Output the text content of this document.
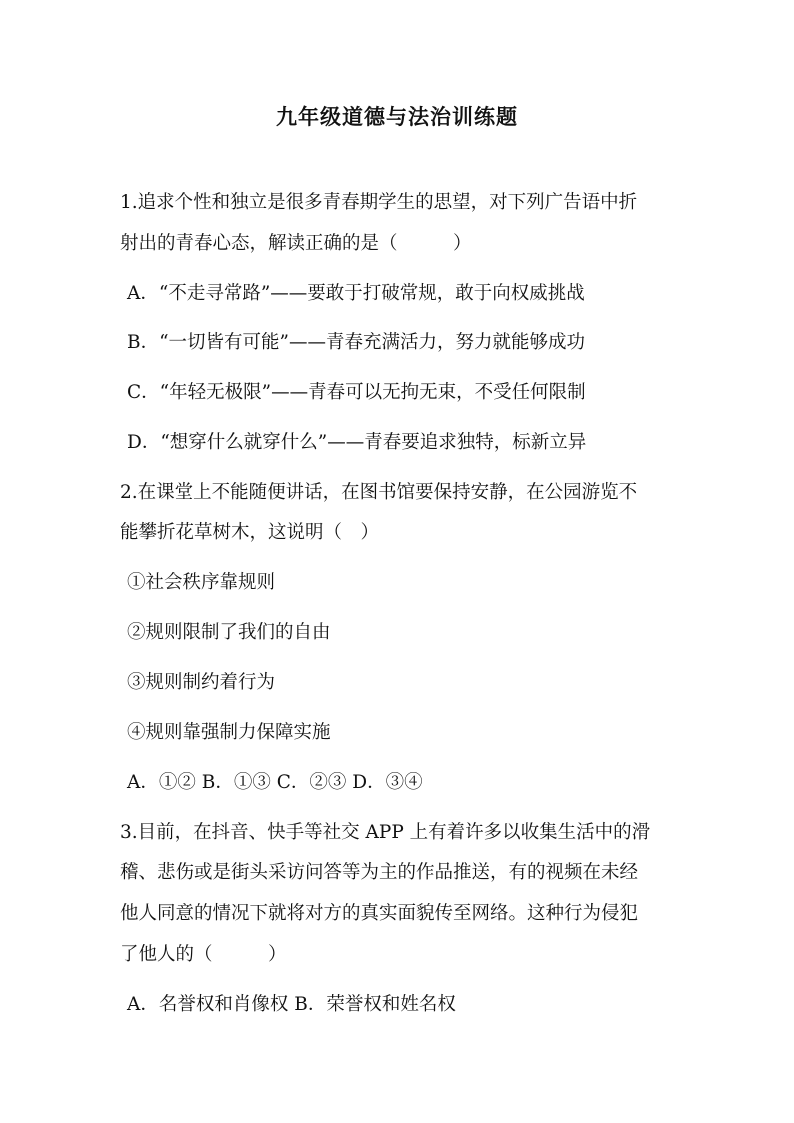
九年级道德与法治训练题
1.追求个性和独立是很多青春期学生的思望，对下列广告语中折
射出的青春心态，解读正确的是（　　　）
A．“不走寻常路”——要敢于打破常规，敢于向权威挑战
B．“一切皆有可能”——青春充满活力，努力就能够成功
C．“年轻无极限”——青春可以无拘无束，不受任何限制
D．“想穿什么就穿什么”——青春要追求独特，标新立异
2.在课堂上不能随便讲话，在图书馆要保持安静，在公园游览不
能攀折花草树木，这说明（　）
①社会秩序靠规则
②规则限制了我们的自由
③规则制约着行为
④规则靠强制力保障实施
A．①② B．①③ C．②③ D．③④
3.目前，在抖音、快手等社交 APP 上有着许多以收集生活中的滑
稽、悲伤或是街头采访问答等为主的作品推送，有的视频在未经
他人同意的情况下就将对方的真实面貌传至网络。这种行为侵犯
了他人的（　　　）
A．名誉权和肖像权 B．荣誉权和姓名权
